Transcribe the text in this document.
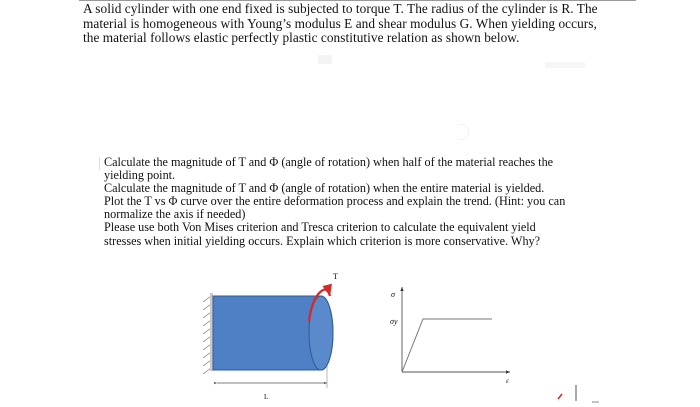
A solid cylinder with one end fixed is subjected to torque T. The radius of the cylinder is R. The

material is homogeneous with Young’s modulus E and shear modulus G. When yielding occurs,

the material follows elastic perfectly plastic constitutive relation as shown below.

Calculate the magnitude of T and Φ (angle of rotation) when half of the material reaches the

yielding point.

Calculate the magnitude of T and Φ (angle of rotation) when the entire material is yielded.

Plot the T vs Φ curve over the entire deformation process and explain the trend. (Hint: you can

normalize the axis if needed)

Please use both Von Mises criterion and Tresca criterion to calculate the equivalent yield

stresses when initial yielding occurs. Explain which criterion is more conservative. Why?

T
σ
σy
ε
L
